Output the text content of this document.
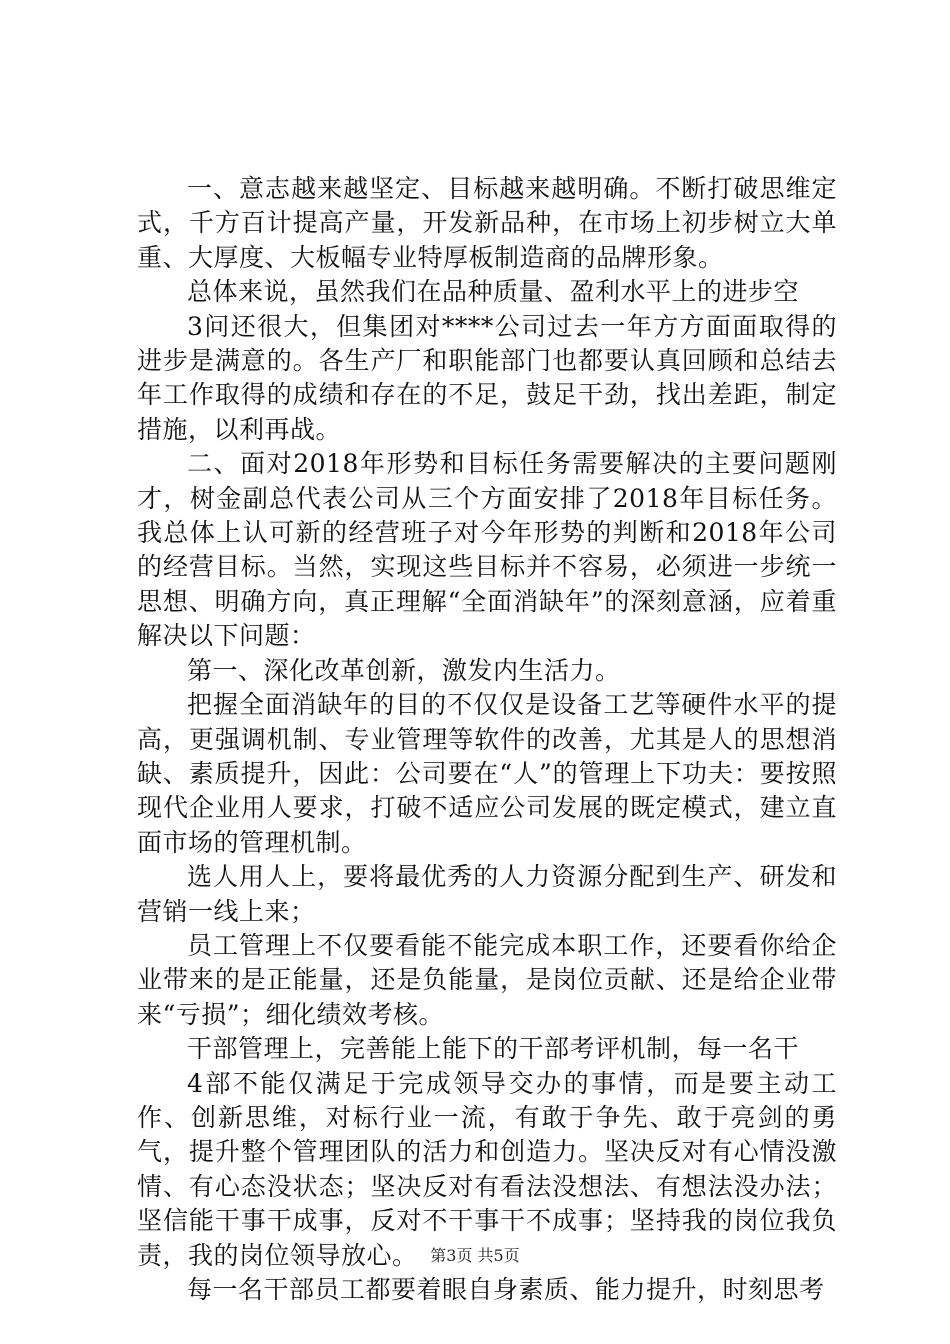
一、意志越来越坚定、目标越来越明确。不断打破思维定式，千方百计提高产量，开发新品种，在市场上初步树立大单重、大厚度、大板幅专业特厚板制造商的品牌形象。

总体来说，虽然我们在品种质量、盈利水平上的进步空

3问还很大，但集团对****公司过去一年方方面面取得的进步是满意的。各生产厂和职能部门也都要认真回顾和总结去年工作取得的成绩和存在的不足，鼓足干劲，找出差距，制定措施，以利再战。

二、面对2018年形势和目标任务需要解决的主要问题刚才，树金副总代表公司从三个方面安排了2018年目标任务。我总体上认可新的经营班子对今年形势的判断和2018年公司的经营目标。当然，实现这些目标并不容易，必须进一步统一思想、明确方向，真正理解“全面消缺年”的深刻意涵，应着重解决以下问题：

第一、深化改革创新，激发内生活力。

把握全面消缺年的目的不仅仅是设备工艺等硬件水平的提高，更强调机制、专业管理等软件的改善，尤其是人的思想消缺、素质提升，因此：公司要在“人”的管理上下功夫：要按照现代企业用人要求，打破不适应公司发展的既定模式，建立直面市场的管理机制。

选人用人上，要将最优秀的人力资源分配到生产、研发和营销一线上来；

员工管理上不仅要看能不能完成本职工作，还要看你给企业带来的是正能量，还是负能量，是岗位贡献、还是给企业带来“亏损”；细化绩效考核。

干部管理上，完善能上能下的干部考评机制，每一名干

4部不能仅满足于完成领导交办的事情，而是要主动工作、创新思维，对标行业一流，有敢于争先、敢于亮剑的勇气，提升整个管理团队的活力和创造力。坚决反对有心情没激情、有心态没状态；坚决反对有看法没想法、有想法没办法；坚信能干事干成事，反对不干事干不成事；坚持我的岗位我负责，我的岗位领导放心。

每一名干部员工都要着眼自身素质、能力提升，时刻思考

第3页 共5页
